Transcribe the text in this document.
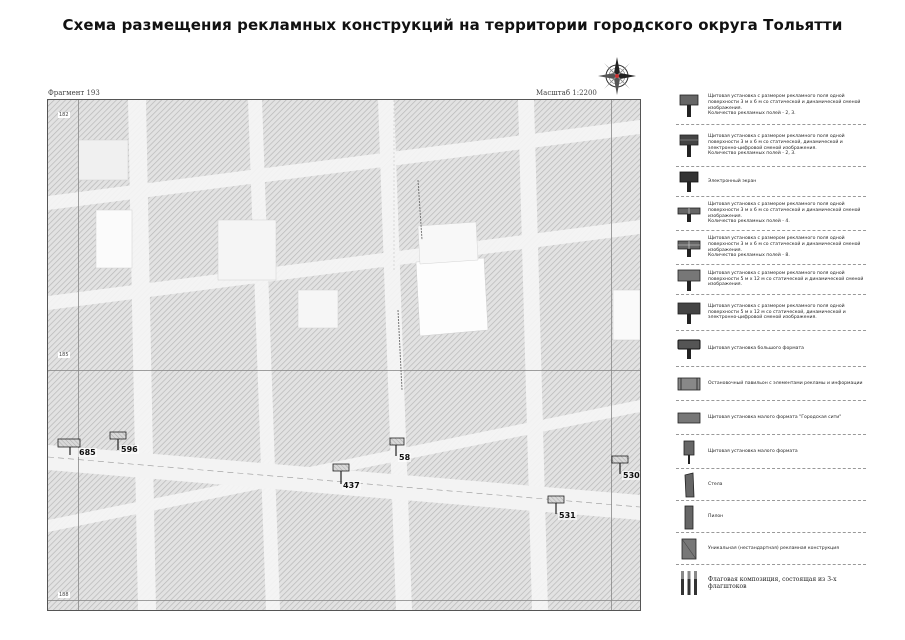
Схема размещения рекламных конструкций на территории городского округа Тольятти
Фрагмент 193	Масштаб 1:2200
685	596
437
58
531
530
182
185
188
Щитовая установка с размером рекламного поля одной поверхности 3 м х 6 м со статической и динамической сменой изображения.
Количество рекламных полей - 2, 3.
Щитовая установка с размером рекламного поля одной поверхности 3 м х 6 м со статической, динамической и электронно-цифровой сменой изображения.
Количество рекламных полей - 2, 3.
Электронный экран
Щитовая установка с размером рекламного поля одной поверхности 3 м х 6 м со статической и динамической сменой изображения.
Количество рекламных полей - 4.
Щитовая установка с размером рекламного поля одной поверхности 3 м х 6 м со статической и динамической сменой изображения.
Количество рекламных полей - 8.
Щитовая установка с размером рекламного поля одной поверхности 5 м х 12 м со статической и динамической сменой изображения.
Щитовая установка с размером рекламного поля одной поверхности 5 м х 12 м со статической, динамической и электронно-цифровой сменой изображения.
Щитовая установка большого формата
Остановочный павильон с элементами рекламы и информации
Щитовая установка малого формата "Городская сити"
Щитовая установка малого формата
Стела
Пилон
Уникальная (нестандартная) рекламная конструкция
Флаговая композиция, состоящая из 3-х флагштоков
